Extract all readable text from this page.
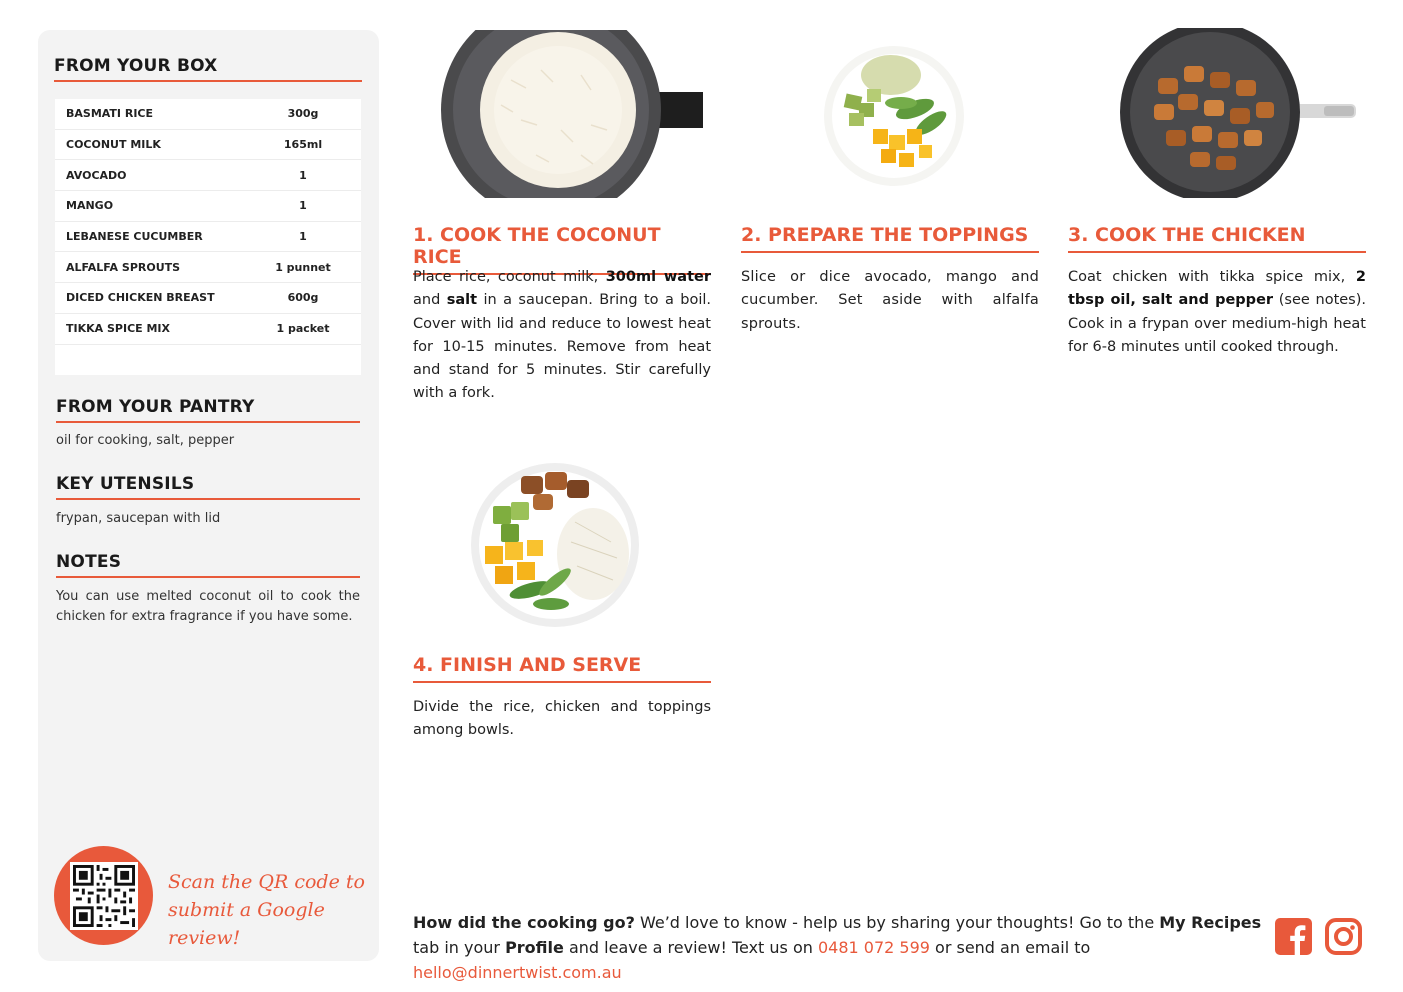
FROM YOUR BOX
BASMATI RICE	300g
COCONUT MILK	165ml
AVOCADO	1
MANGO	1
LEBANESE CUCUMBER	1
ALFALFA SPROUTS	1 punnet
DICED CHICKEN BREAST	600g
TIKKA SPICE MIX	1 packet
FROM YOUR PANTRY
oil for cooking, salt, pepper
KEY UTENSILS
frypan, saucepan with lid
NOTES
You can use melted coconut oil to cook the chicken for extra fragrance if you have some.
Scan the QR code to
submit a Google review!
1. COOK THE COCONUT RICE
Place rice, coconut milk, 300ml water and salt in a saucepan. Bring to a boil. Cover with lid and reduce to lowest heat for 10-15 minutes. Remove from heat and stand for 5 minutes. Stir carefully with a fork.
2. PREPARE THE TOPPINGS
Slice or dice avocado, mango and cucumber. Set aside with alfalfa sprouts.
3. COOK THE CHICKEN
Coat chicken with tikka spice mix, 2 tbsp oil, salt and pepper (see notes). Cook in a frypan over medium-high heat for 6-8 minutes until cooked through.
4. FINISH AND SERVE
Divide the rice, chicken and toppings among bowls.
How did the cooking go? We’d love to know - help us by sharing your thoughts! Go to the My Recipes tab in your Profile and leave a review! Text us on 0481 072 599 or send an email to hello@dinnertwist.com.au
